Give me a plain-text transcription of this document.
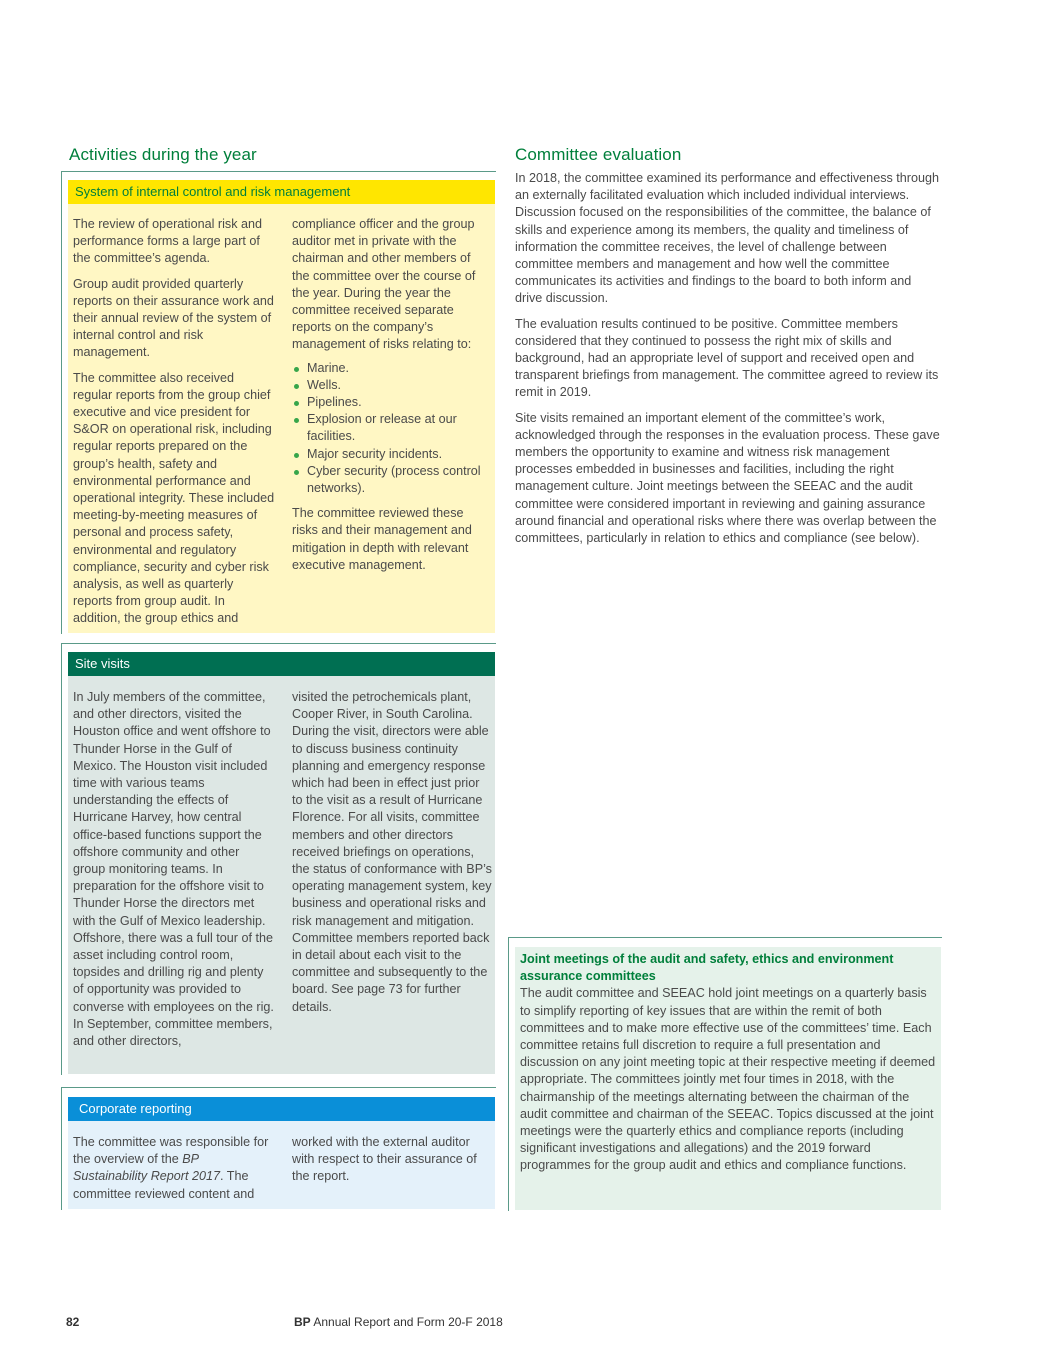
Activities during the year
System of internal control and risk management

The review of operational risk and performance forms a large part of the committee’s agenda.

Group audit provided quarterly reports on their assurance work and their annual review of the system of internal control and risk management.

The committee also received regular reports from the group chief executive and vice president for S&OR on operational risk, including regular reports prepared on the group’s health, safety and environmental performance and operational integrity. These included meeting-by-meeting measures of personal and process safety, environmental and regulatory compliance, security and cyber risk analysis, as well as quarterly reports from group audit. In addition, the group ethics and

compliance officer and the group auditor met in private with the chairman and other members of the committee over the course of the year. During the year the committee received separate reports on the company’s management of risks relating to:

Marine.
Wells.
Pipelines.
Explosion or release at our facilities.
Major security incidents.
Cyber security (process control networks).

The committee reviewed these risks and their management and mitigation in depth with relevant executive management.

Site visits

In July members of the committee, and other directors, visited the Houston office and went offshore to Thunder Horse in the Gulf of Mexico. The Houston visit included time with various teams understanding the effects of Hurricane Harvey, how central office-based functions support the offshore community and other group monitoring teams. In preparation for the offshore visit to Thunder Horse the directors met with the Gulf of Mexico leadership. Offshore, there was a full tour of the asset including control room, topsides and drilling rig and plenty of opportunity was provided to converse with employees on the rig. In September, committee members, and other directors,

visited the petrochemicals plant, Cooper River, in South Carolina. During the visit, directors were able to discuss business continuity planning and emergency response which had been in effect just prior to the visit as a result of Hurricane Florence. For all visits, committee members and other directors received briefings on operations, the status of conformance with BP’s operating management system, key business and operational risks and risk management and mitigation. Committee members reported back in detail about each visit to the committee and subsequently to the board. See page 73 for further details.

Corporate reporting

The committee was responsible for the overview of the BP Sustainability Report 2017. The committee reviewed content and

worked with the external auditor with respect to their assurance of the report.

Committee evaluation

In 2018, the committee examined its performance and effectiveness through an externally facilitated evaluation which included individual interviews. Discussion focused on the responsibilities of the committee, the balance of skills and experience among its members, the quality and timeliness of information the committee receives, the level of challenge between committee members and management and how well the committee communicates its activities and findings to the board to both inform and drive discussion.

The evaluation results continued to be positive. Committee members considered that they continued to possess the right mix of skills and background, had an appropriate level of support and received open and transparent briefings from management. The committee agreed to review its remit in 2019.

Site visits remained an important element of the committee’s work, acknowledged through the responses in the evaluation process. These gave members the opportunity to examine and witness risk management processes embedded in businesses and facilities, including the right management culture. Joint meetings between the SEEAC and the audit committee were considered important in reviewing and gaining assurance around financial and operational risks where there was overlap between the committees, particularly in relation to ethics and compliance (see below).

Joint meetings of the audit and safety, ethics and environment assurance committees

The audit committee and SEEAC hold joint meetings on a quarterly basis to simplify reporting of key issues that are within the remit of both committees and to make more effective use of the committees’ time. Each committee retains full discretion to require a full presentation and discussion on any joint meeting topic at their respective meeting if deemed appropriate. The committees jointly met four times in 2018, with the chairmanship of the meetings alternating between the chairman of the audit committee and chairman of the SEEAC. Topics discussed at the joint meetings were the quarterly ethics and compliance reports (including significant investigations and allegations) and the 2019 forward programmes for the group audit and ethics and compliance functions.

82	BP Annual Report and Form 20-F 2018
